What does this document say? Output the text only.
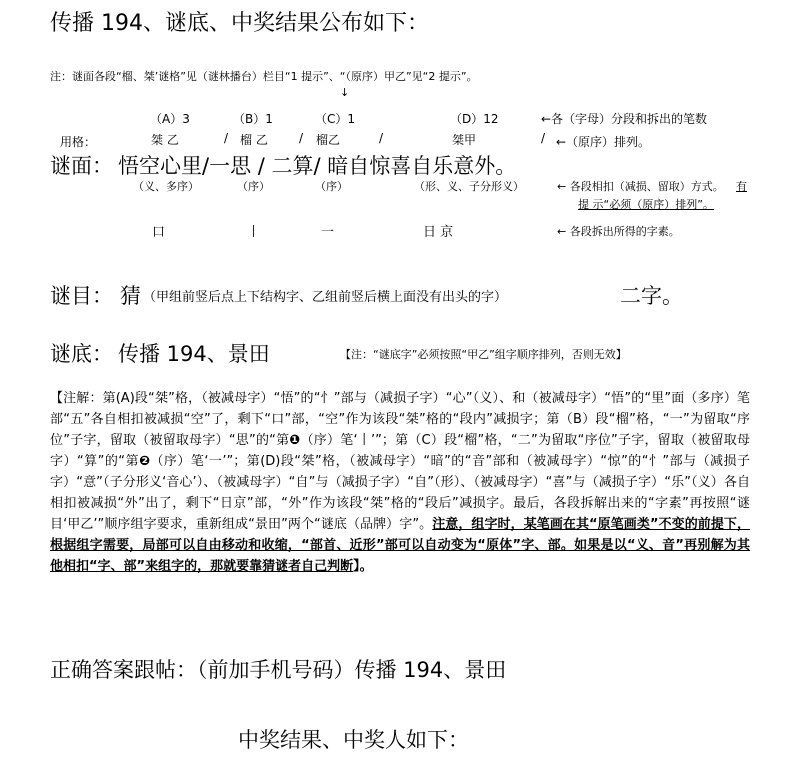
传播 194、谜底、中奖结果公布如下：
注：谜面各段“榴、桀’谜格”见（谜林播台）栏目“1 提示”、“（原序）甲乙”见“2 提示”。
↓
（A）3	（B）1	（C）1	（D）12	←各（字母）分段和拆出的笔数
用格：	桀 乙	/ 榴 乙	/ 榴乙	/	桀甲	/ ←（原序）排列。
谜面： 悟空心里/一思 / 二算/ 暗自惊喜自乐意外。
（义、多序）	（序）	（序）	（形、义、子分形义）	← 各段相扣（减损、留取）方式。 有
提 示“必须（原序）排列”。
口	丨	一	日 京	← 各段拆出所得的字素。
谜目： 猜 （甲组前竖后点上下结构字、乙组前竖后横上面没有出头的字）	二字。
谜底： 传播 194、景田	【注：“谜底字”必须按照“甲乙”组字顺序排列，否则无效】
【注解：第(A)段“桀”格，（被减母字）“悟”的“忄”部与（减损子字）“心”（义）、和（被减母字）“悟”的“里”面（多序）笔部“五”各自相扣被减损“空”了，剩下“口”部，“空”作为该段“桀”格的“段内”减损字；第（B）段“榴”格，“一”为留取“序位”子字，留取（被留取母字）“思”的“第❶（序）笔‘丨’”；第（C）段“榴”格，“二”为留取“序位”子字，留取（被留取母字）“算”的“第❷（序）笔‘一’”；第(D)段“桀”格，（被减母字）“暗”的“音”部和（被减母字）“惊”的“忄”部与（减损子字）“意”（子分形义‘音心’）、（被减母字）“自”与（减损子字）“自”（形）、（被减母字）“喜”与（减损子字）“乐”（义）各自相扣被减损“外”出了，剩下“日京”部，“外”作为该段“桀”格的“段后”减损字。最后，各段拆解出来的“字素”再按照“谜目‘甲乙’”顺序组字要求，重新组成“景田”两个“谜底（品牌）字”。注意，组字时，某笔画在其“原笔画类”不变的前提下，根据组字需要，局部可以自由移动和收缩，“部首、近形”部可以自动变为“原体”字、部。如果是以“义、音”再别解为其他相扣“字、部”来组字的，那就要靠猜谜者自己判断】。
正确答案跟帖：（前加手机号码）传播 194、景田
中奖结果、中奖人如下：
